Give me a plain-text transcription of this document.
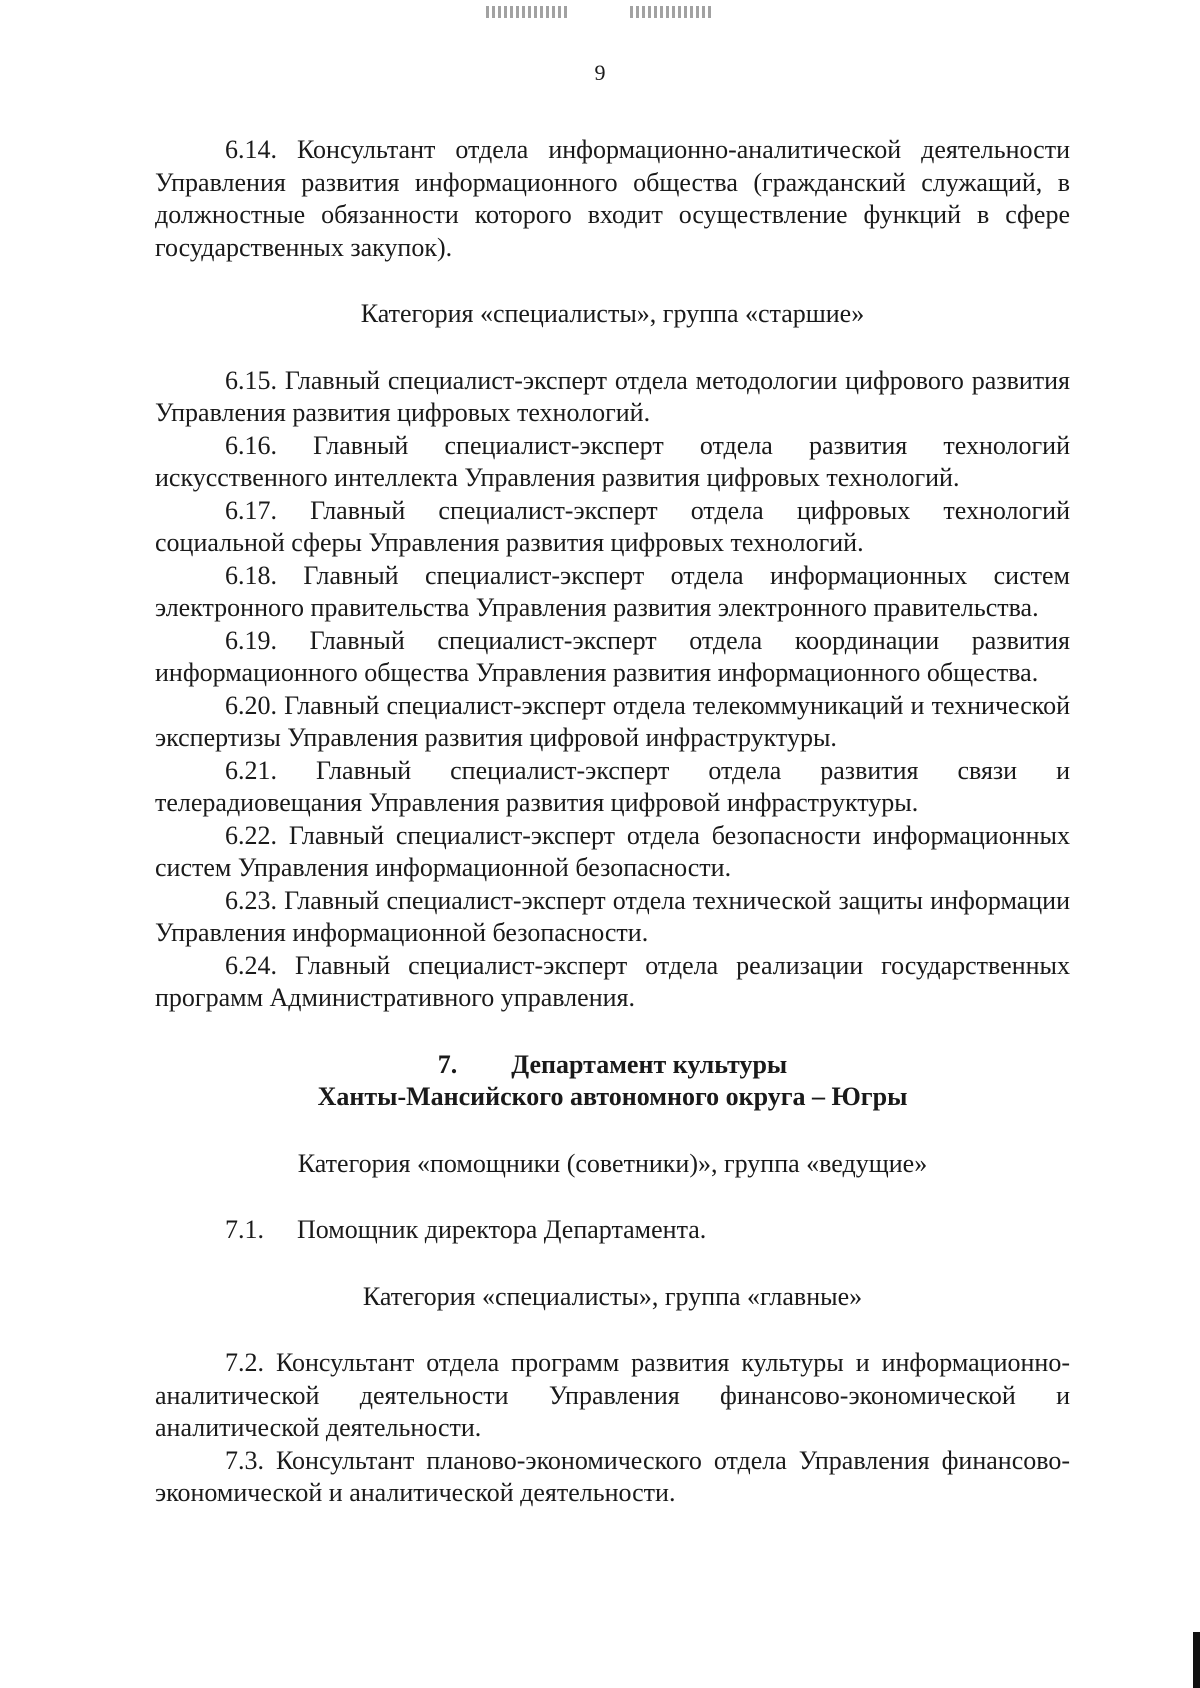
9

6.14. Консультант отдела информационно-аналитической деятельности Управления развития информационного общества (гражданский служащий, в должностные обязанности которого входит осуществление функций в сфере государственных закупок).

Категория «специалисты», группа «старшие»

6.15. Главный специалист-эксперт отдела методологии цифрового развития Управления развития цифровых технологий.

6.16. Главный специалист-эксперт отдела развития технологий искусственного интеллекта Управления развития цифровых технологий.

6.17. Главный специалист-эксперт отдела цифровых технологий социальной сферы Управления развития цифровых технологий.

6.18. Главный специалист-эксперт отдела информационных систем электронного правительства Управления развития электронного правительства.

6.19. Главный специалист-эксперт отдела координации развития информационного общества Управления развития информационного общества.

6.20. Главный специалист-эксперт отдела телекоммуникаций и технической экспертизы Управления развития цифровой инфраструктуры.

6.21. Главный специалист-эксперт отдела развития связи и телерадиовещания Управления развития цифровой инфраструктуры.

6.22. Главный специалист-эксперт отдела безопасности информационных систем Управления информационной безопасности.

6.23. Главный специалист-эксперт отдела технической защиты информации Управления информационной безопасности.

6.24. Главный специалист-эксперт отдела реализации государственных программ Административного управления.

7. Департамент культуры

Ханты-Мансийского автономного округа – Югры

Категория «помощники (советники)», группа «ведущие»

7.1. Помощник директора Департамента.

Категория «специалисты», группа «главные»

7.2. Консультант отдела программ развития культуры и информационно-аналитической деятельности Управления финансово-экономической и аналитической деятельности.

7.3. Консультант планово-экономического отдела Управления финансово-экономической и аналитической деятельности.
